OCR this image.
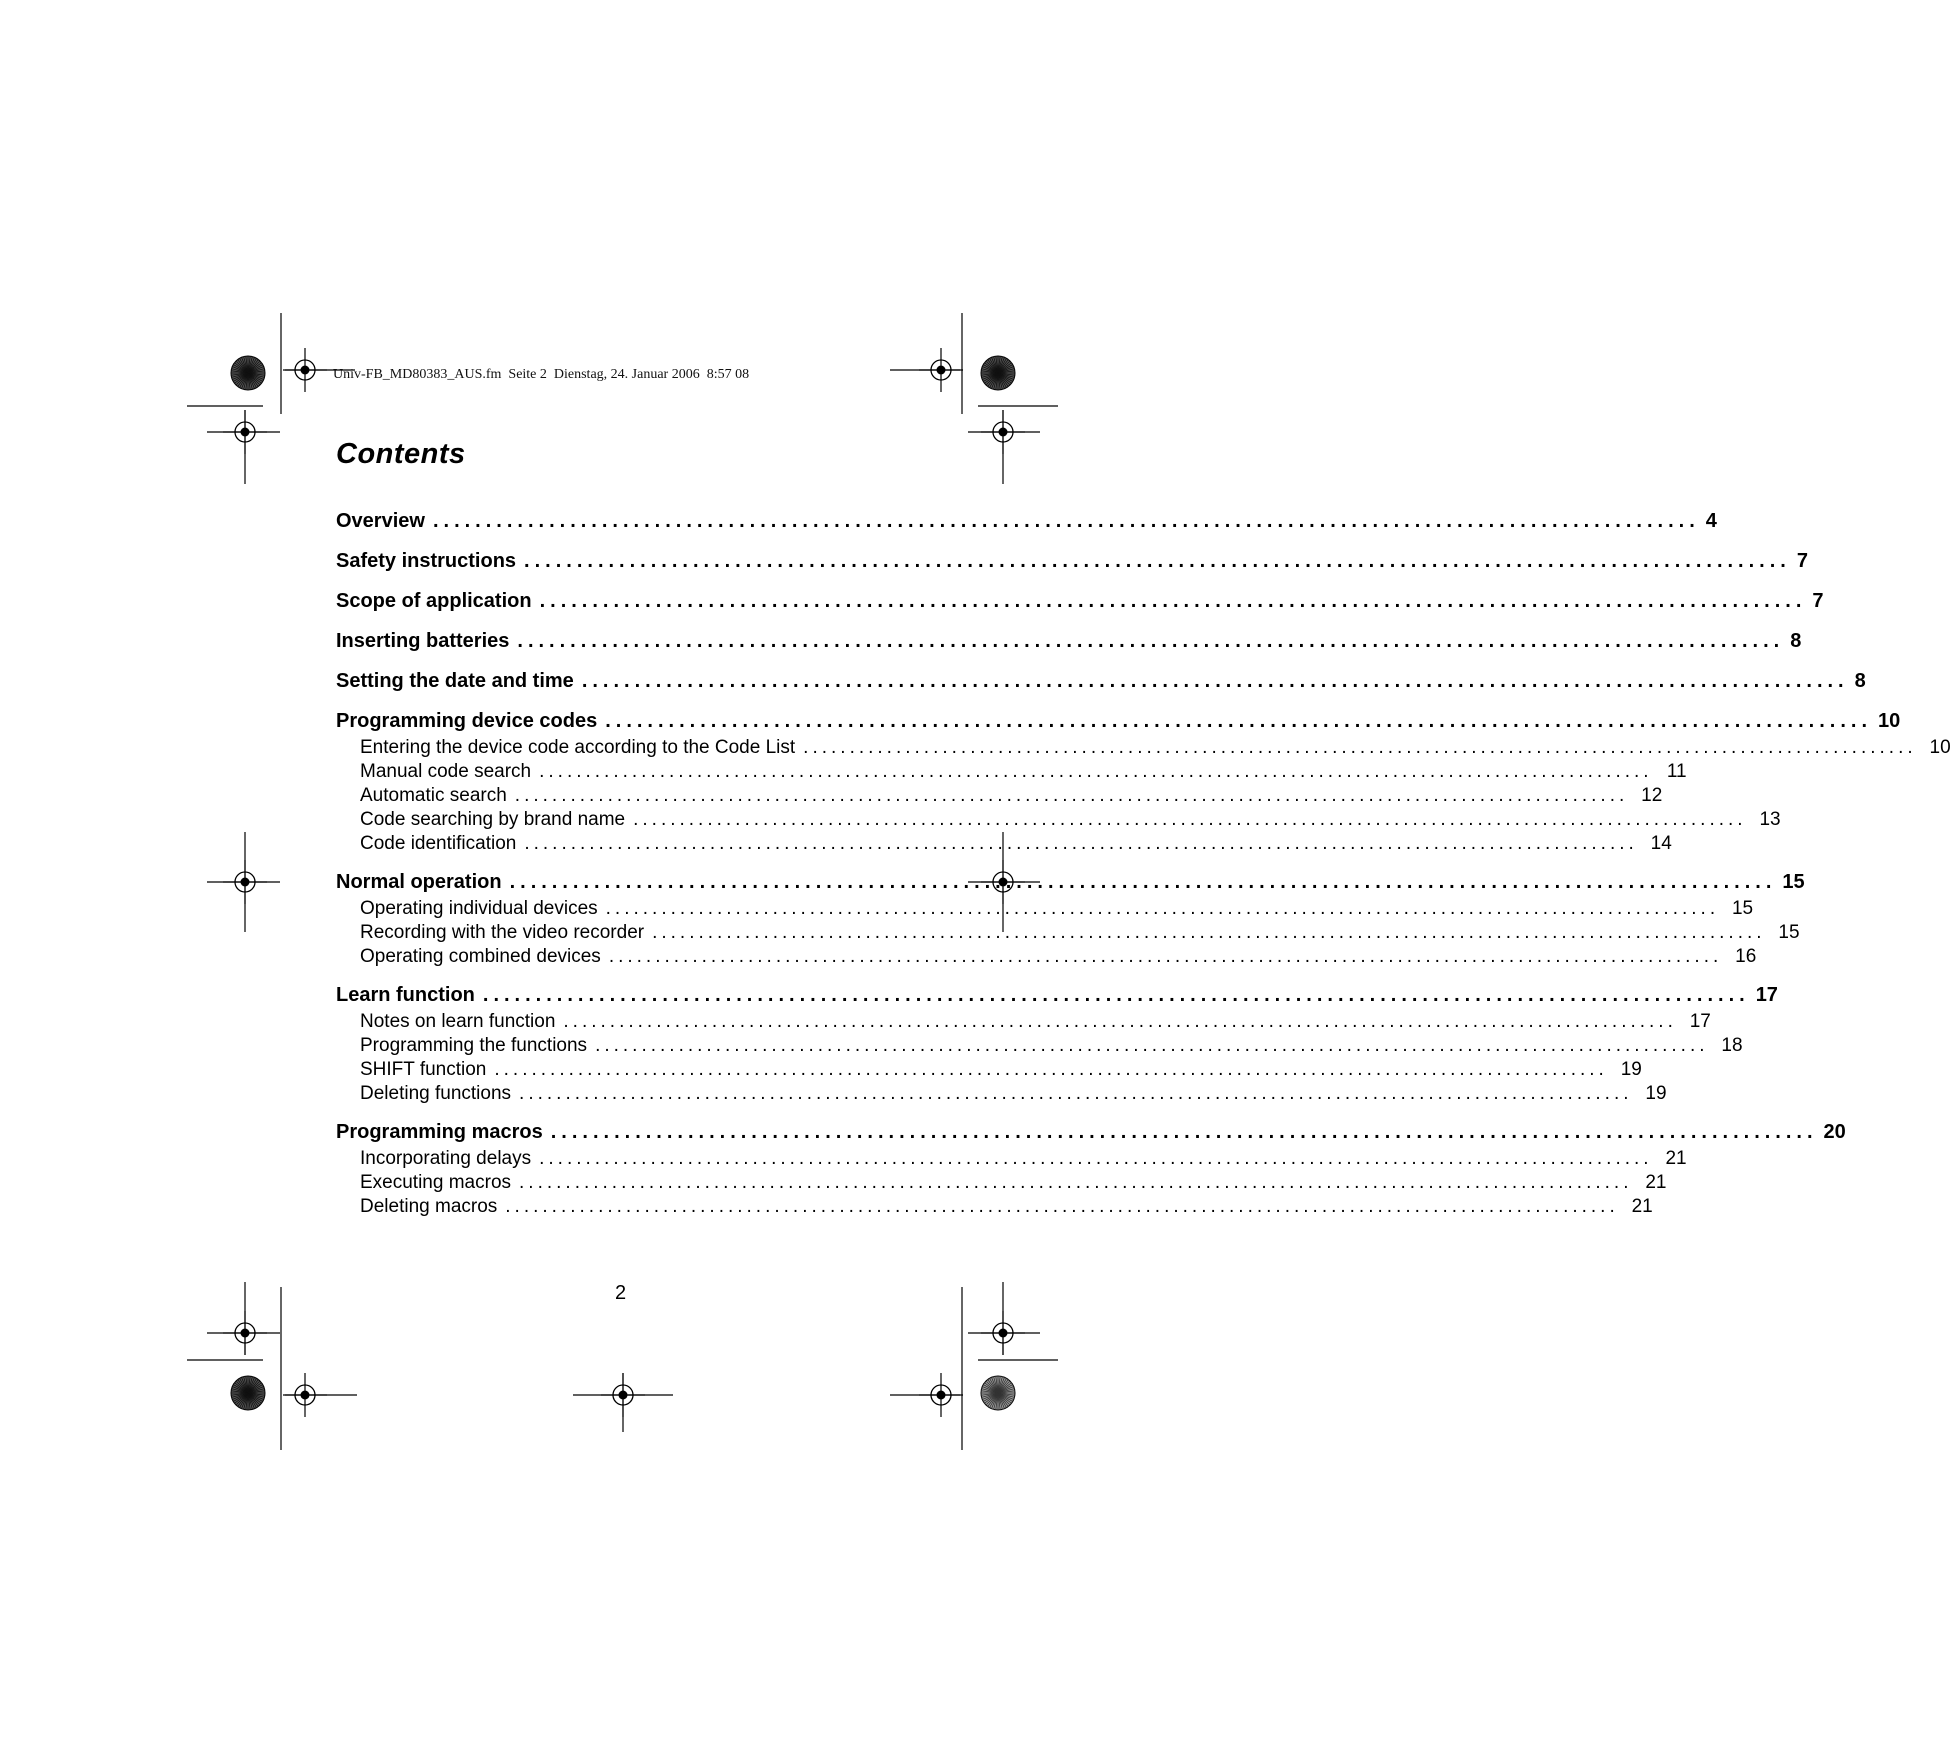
Univ-FB_MD80383_AUS.fm  Seite 2  Dienstag, 24. Januar 2006  8:57 08
Contents
Overview ........................................................................................................................ 4
Safety instructions ........................................................................................................................ 7
Scope of application ........................................................................................................................ 7
Inserting batteries ........................................................................................................................ 8
Setting the date and time ........................................................................................................................ 8
Programming device codes ........................................................................................................................ 10
Entering the device code according to the Code List ........................................................................................................................ 10
Manual code search ........................................................................................................................ 11
Automatic search ........................................................................................................................ 12
Code searching by brand name ........................................................................................................................ 13
Code identification ........................................................................................................................ 14
Normal operation ........................................................................................................................ 15
Operating individual devices ........................................................................................................................ 15
Recording with the video recorder ........................................................................................................................ 15
Operating combined devices ........................................................................................................................ 16
Learn function ........................................................................................................................ 17
Notes on learn function ........................................................................................................................ 17
Programming the functions ........................................................................................................................ 18
SHIFT function ........................................................................................................................ 19
Deleting functions ........................................................................................................................ 19
Programming macros ........................................................................................................................ 20
Incorporating delays ........................................................................................................................ 21
Executing macros ........................................................................................................................ 21
Deleting macros ........................................................................................................................ 21
2
